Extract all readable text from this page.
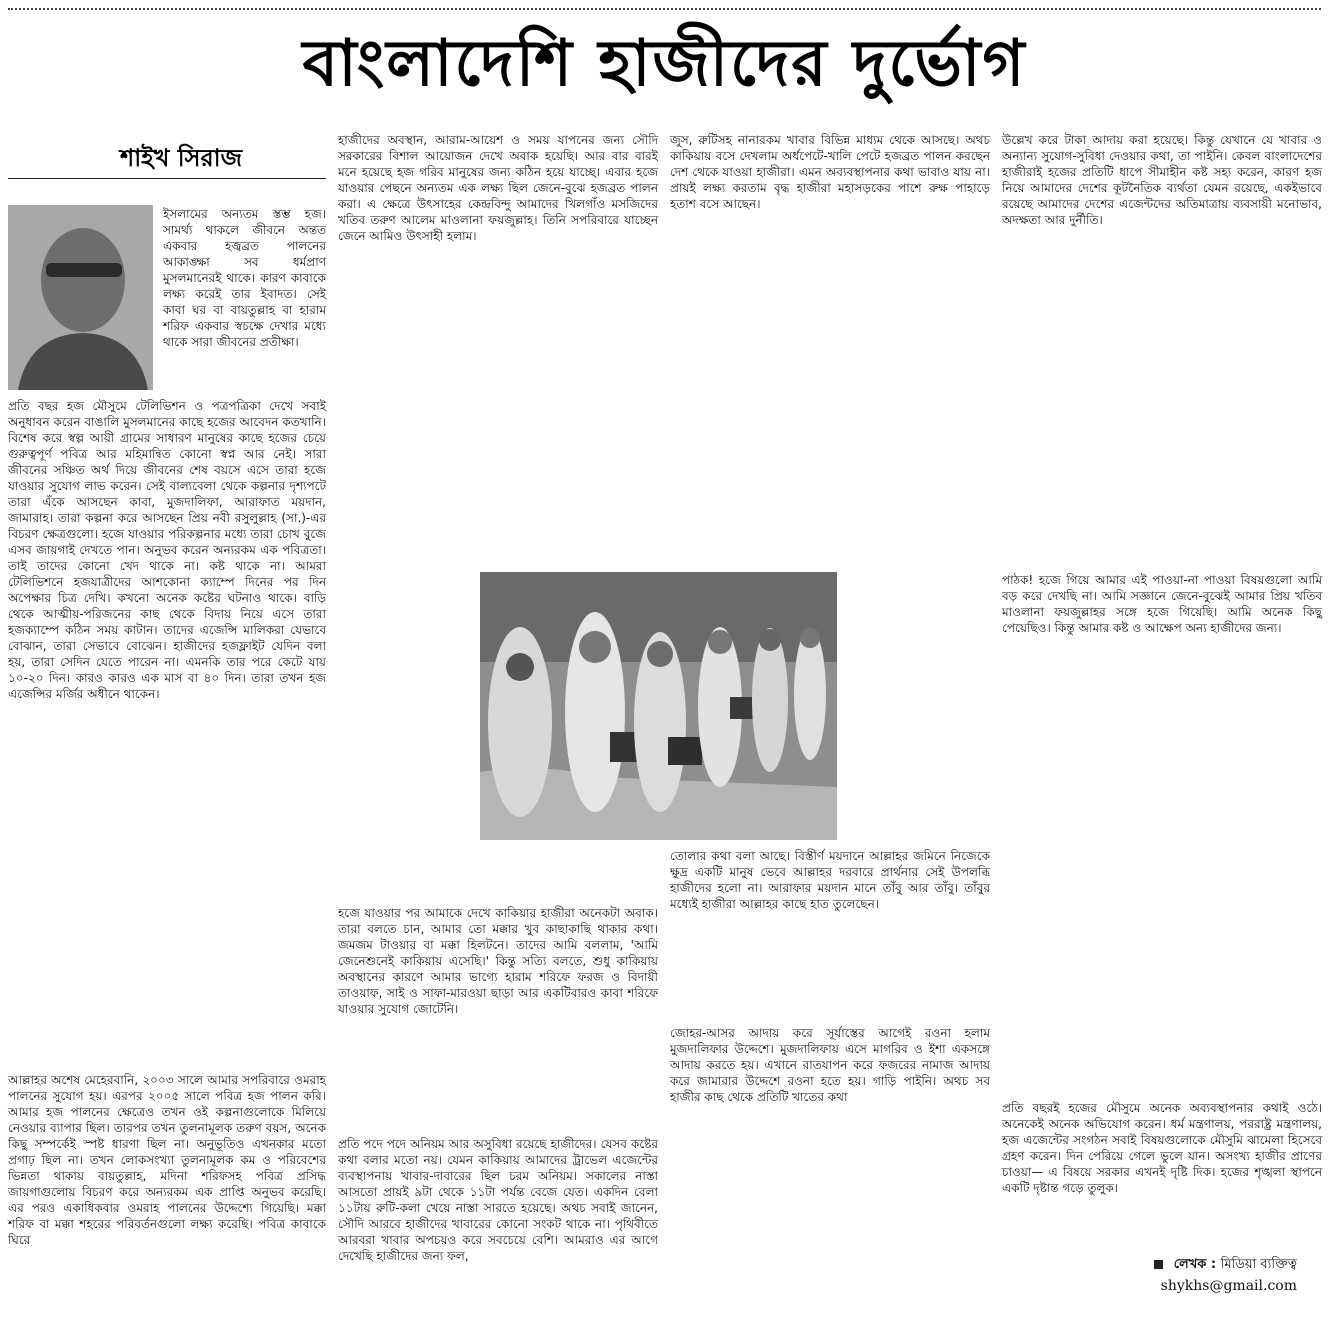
বাংলাদেশি হাজীদের দুর্ভোগ
শাইখ সিরাজ

ইসলামের অন্যতম স্তম্ভ হজ। সামর্থ্য থাকলে জীবনে অন্তত একবার হজ্বব্রত পালনের আকাঙ্ক্ষা সব ধর্মপ্রাণ মুসলমানেরই থাকে। কারণ কাবাকে লক্ষ্য করেই তার ইবাদত। সেই কাবা ঘর বা বায়তুল্লাহ বা হারাম শরিফ একবার স্বচক্ষে দেখার মধ্যে থাকে সারা জীবনের প্রতীক্ষা।

প্রতি বছর হজ মৌসুমে টেলিভিশন ও পত্রপত্রিকা দেখে সবাই অনুধাবন করেন বাঙালি মুসলমানের কাছে হজের আবেদন কতখানি। বিশেষ করে স্বল্প আয়ী গ্রামের সাধারণ মানুষের কাছে হজের চেয়ে গুরুত্বপূর্ণ পবিত্র আর মহিমান্বিত কোনো স্বপ্ন আর নেই। সারা জীবনের সঞ্চিত অর্থ দিয়ে জীবনের শেষ বয়সে এসে তারা হজে যাওয়ার সুযোগ লাভ করেন। সেই বাল্যবেলা থেকে কল্পনার দৃশ্যপটে তারা এঁকে আসছেন কাবা, মুজদালিফা, আরাফাত ময়দান, জামারাহ। তারা কল্পনা করে আসছেন প্রিয় নবী রসুলুল্লাহ (সা.)-এর বিচরণ ক্ষেত্রগুলো। হজে যাওয়ার পরিকল্পনার মধ্যে তারা চোখ বুজে এসব জায়গাই দেখতে পান। অনুভব করেন অন্যরকম এক পবিত্রতা। তাই তাদের কোনো খেদ থাকে না। কষ্ট থাকে না। আমরা টেলিভিশনে হজযাত্রীদের আশকোনা ক্যাম্পে দিনের পর দিন অপেক্ষার চিত্র দেখি। কখনো অনেক কষ্টের ঘটনাও থাকে। বাড়ি থেকে আত্মীয়-পরিজনের কাছ থেকে বিদায় নিয়ে এসে তারা হজক্যাম্পে কঠিন সময় কাটান। তাদের এজেন্সি মালিকরা যেভাবে বোঝান, তারা সেভাবে বোঝেন। হাজীদের হজফ্লাইট যেদিন বলা হয়, তারা সেদিন যেতে পারেন না। এমনকি তার পরে কেটে যায় ১০-২০ দিন। কারও কারও এক মাস বা ৪০ দিন। তারা তখন হজ এজেন্সির মর্জির অধীনে থাকেন।

আল্লাহর অশেষ মেহেরবানি, ২০০৩ সালে আমার সপরিবারে ওমরাহ পালনের সুযোগ হয়। এরপর ২০০৫ সালে পবিত্র হজ পালন করি। আমার হজ পালনের ক্ষেত্রেও তখন ওই কল্পনাগুলোকে মিলিয়ে নেওয়ার ব্যাপার ছিল। তারপর তখন তুলনামূলক তরুণ বয়স, অনেক কিছু সম্পর্কেই স্পষ্ট ধারণা ছিল না। অনুভূতিও এখনকার মতো প্রগাঢ় ছিল না। তখন লোকসংখ্যা তুলনামূলক কম ও পরিবেশের ভিন্নতা থাকায় বায়তুল্লাহ, মদিনা শরিফসহ পবিত্র প্রসিদ্ধ জায়গাগুলোয় বিচরণ করে অন্যরকম এক প্রাপ্তি অনুভব করেছি। এর পরও একাধিকবার ওমরাহ পালনের উদ্দেশ্যে গিয়েছি। মক্কা শরিফ বা মক্কা শহরের পরিবর্তনগুলো লক্ষ্য করেছি। পবিত্র কাবাকে ঘিরে

হাজীদের অবস্থান, আরাম-আয়েশ ও সময় যাপনের জন্য সৌদি সরকারের বিশাল আয়োজন দেখে অবাক হয়েছি। আর বার বারই মনে হয়েছে হজ গরিব মানুষের জন্য কঠিন হয়ে যাচ্ছে। এবার হজে যাওয়ার পেছনে অন্যতম এক লক্ষ্য ছিল জেনে-বুঝে হজব্রত পালন করা। এ ক্ষেত্রে উৎসাহের কেন্দ্রবিন্দু আমাদের খিলগাঁও মসজিদের খতিব তরুণ আলেম মাওলানা ফয়জুল্লাহ। তিনি সপরিবারে যাচ্ছেন জেনে আমিও উৎসাহী হলাম।

হজে যাওয়ার পর আমাকে দেখে কাকিয়ার হাজীরা অনেকটা অবাক। তারা বলতে চান, আমার তো মক্কার খুব কাছাকাছি থাকার কথা। জমজম টাওয়ার বা মক্কা হিলটনে। তাদের আমি বললাম, 'আমি জেনেশুনেই কাকিয়ায় এসেছি।' কিন্তু সত্যি বলতে, শুধু কাকিয়ায় অবস্থানের কারণে আমার ভাগ্যে হারাম শরিফে ফরজ ও বিদায়ী তাওয়াফ, সাই ও সাফা-মারওয়া ছাড়া আর একটিবারও কাবা শরিফে যাওয়ার সুযোগ জোটেনি।

প্রতি পদে পদে অনিয়ম আর অসুবিধা রয়েছে হাজীদের। যেসব কষ্টের কথা বলার মতো নয়। যেমন কাকিয়ায় আমাদের ট্রাভেল এজেন্টের ব্যবস্থাপনায় খাবার-দাবারের ছিল চরম অনিয়ম। সকালের নাস্তা আসতো প্রায়ই ৯টা থেকে ১১টা পর্যন্ত বেজে যেত। একদিন বেলা ১১টায় রুটি-কলা খেয়ে নাস্তা সারতে হয়েছে। অথচ সবাই জানেন, সৌদি আরবে হাজীদের খাবারের কোনো সংকট থাকে না। পৃথিবীতে আরবরা খাবার অপচয়ও করে সবচেয়ে বেশি। আমরাও এর আগে দেখেছি হাজীদের জন্য ফল,

জুস, রুটিসহ নানারকম খাবার বিভিন্ন মাধ্যম থেকে আসছে। অথচ কাকিয়ায় বসে দেখলাম অর্ধপেটে-খালি পেটে হজব্রত পালন করছেন দেশ থেকে যাওয়া হাজীরা। এমন অব্যবস্থাপনার কথা ভাবাও যায় না। প্রায়ই লক্ষ্য করতাম বৃদ্ধ হাজীরা মহাসড়কের পাশে রুক্ষ পাহাড়ে হতাশ বসে আছেন।

তোলার কথা বলা আছে। বিস্তীর্ণ ময়দানে আল্লাহর জমিনে নিজেকে ক্ষুদ্র একটি মানুষ ভেবে আল্লাহর দরবারে প্রার্থনার সেই উপলব্ধি হাজীদের হলো না। আরাফার ময়দান মানে তাঁবু আর তাঁবু। তাঁবুর মধ্যেই হাজীরা আল্লাহর কাছে হাত তুলেছেন।

জোহর-আসর আদায় করে সূর্যাস্তের আগেই রওনা হলাম মুজদালিফার উদ্দেশে। মুজদালিফায় এসে মাগরিব ও ইশা একসঙ্গে আদায় করতে হয়। এখানে রাতযাপন করে ফজরের নামাজ আদায় করে জামারার উদ্দেশে রওনা হতে হয়। গাড়ি পাইনি। অথচ সব হাজীর কাছ থেকে প্রতিটি খাতের কথা

উল্লেখ করে টাকা আদায় করা হয়েছে। কিন্তু যেখানে যে খাবার ও অন্যান্য সুযোগ-সুবিধা দেওয়ার কথা, তা পাইনি। কেবল বাংলাদেশের হাজীরাই হজের প্রতিটি ধাপে সীমাহীন কষ্ট সহ্য করেন, কারণ হজ নিয়ে আমাদের দেশের কূটনৈতিক ব্যর্থতা যেমন রয়েছে, একইভাবে রয়েছে আমাদের দেশের এজেন্টদের অতিমাত্রায় ব্যবসায়ী মনোভাব, অদক্ষতা আর দুর্নীতি।

পাঠক! হজে গিয়ে আমার এই পাওয়া-না পাওয়া বিষয়গুলো আমি বড় করে দেখছি না। আমি সজ্ঞানে জেনে-বুঝেই আমার প্রিয় খতিব মাওলানা ফয়জুল্লাহর সঙ্গে হজে গিয়েছি। আমি অনেক কিছু পেয়েছিও। কিন্তু আমার কষ্ট ও আক্ষেপ অন্য হাজীদের জন্য।

প্রতি বছরই হজের মৌসুমে অনেক অব্যবস্থাপনার কথাই ওঠে। অনেকেই অনেক অভিযোগ করেন। ধর্ম মন্ত্রণালয়, পররাষ্ট্র মন্ত্রণালয়, হজ এজেন্টের সংগঠন সবাই বিষয়গুলোকে মৌসুমি ঝামেলা হিসেবে গ্রহণ করেন। দিন পেরিয়ে গেলে ভুলে যান। অসংখ্য হাজীর প্রাণের চাওয়া— এ বিষয়ে সরকার এখনই দৃষ্টি দিক। হজের শৃঙ্খলা স্থাপনে একটি দৃষ্টান্ত গড়ে তুলুক।

লেখক : মিডিয়া ব্যক্তিত্ব
shykhs@gmail.com
